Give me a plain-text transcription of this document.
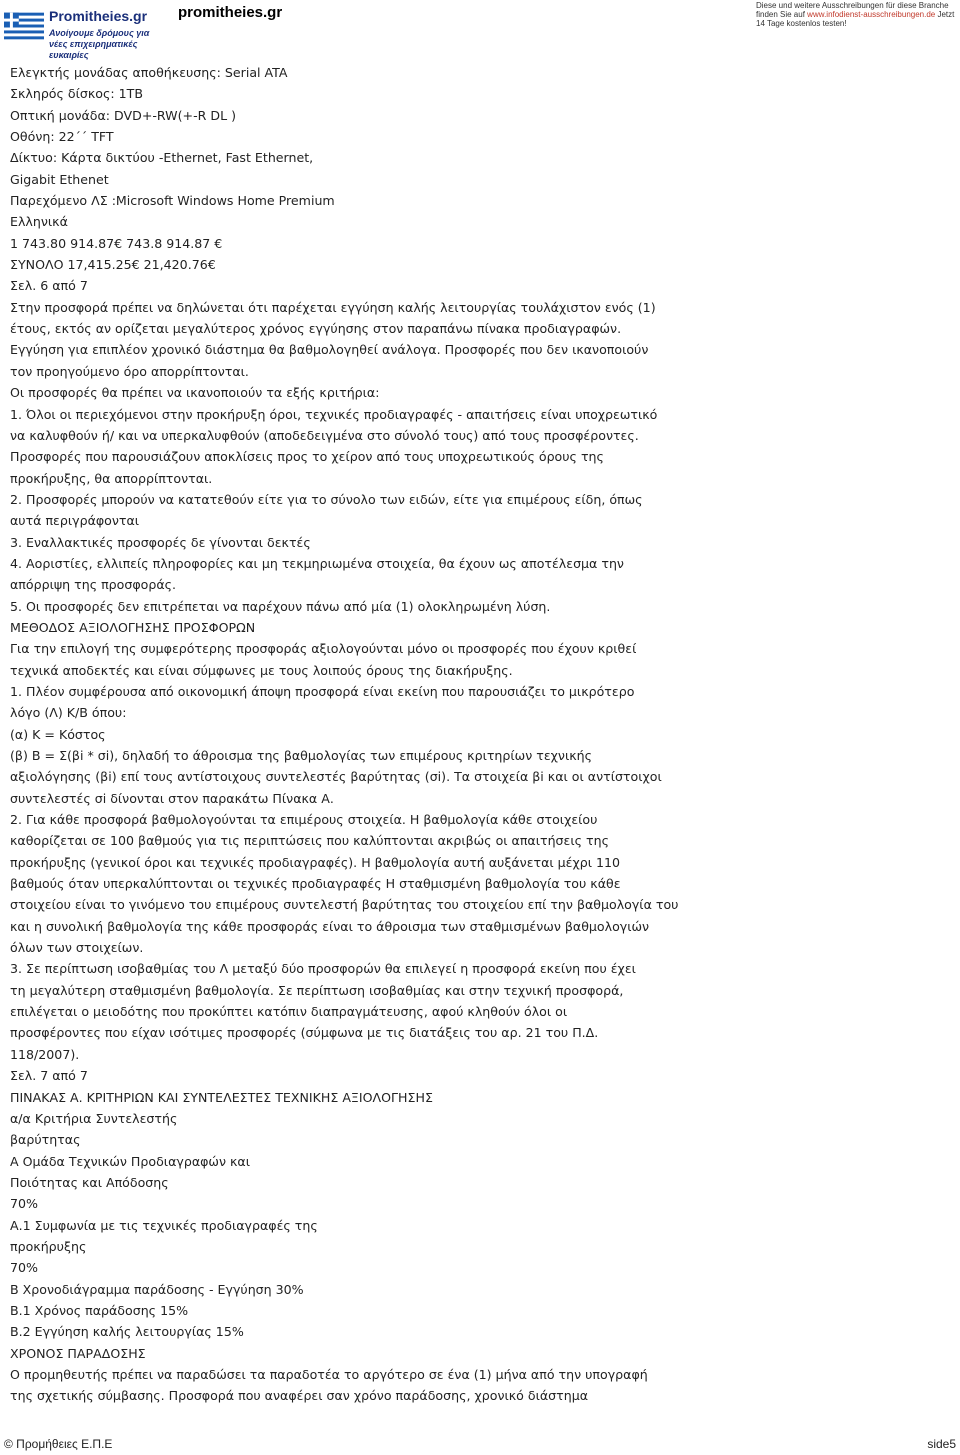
Promitheies.gr
Ανοίγουμε δρόμους για νέες επιχειρηματικές ευκαιρίες
promitheies.gr	Diese und weitere Ausschreibungen für diese Branche finden Sie auf www.infodienst-ausschreibungen.de Jetzt 14 Tage kostenlos testen!
Ελεγκτής μονάδας αποθήκευσης: Serial ATA
Σκληρός δίσκος: 1TB
Οπτική μονάδα: DVD+-RW(+-R DL )
Οθόνη: 22΄΄ TFT
Δίκτυο: Κάρτα δικτύου -Ethernet, Fast Ethernet,
Gigabit Ethenet
Παρεχόμενο ΛΣ :Microsoft Windows Home Premium
Ελληνικά
1 743.80 914.87€ 743.8 914.87 €
ΣΥΝΟΛΟ 17,415.25€ 21,420.76€
Σελ. 6 από 7
Στην προσφορά πρέπει να δηλώνεται ότι παρέχεται εγγύηση καλής λειτουργίας τουλάχιστον ενός (1)
έτους, εκτός αν ορίζεται μεγαλύτερος χρόνος εγγύησης στον παραπάνω πίνακα προδιαγραφών.
Εγγύηση για επιπλέον χρονικό διάστημα θα βαθμολογηθεί ανάλογα. Προσφορές που δεν ικανοποιούν
τον προηγούμενο όρο απορρίπτονται.
Οι προσφορές θα πρέπει να ικανοποιούν τα εξής κριτήρια:
1. Όλοι οι περιεχόμενοι στην προκήρυξη όροι, τεχνικές προδιαγραφές - απαιτήσεις είναι υποχρεωτικό
να καλυφθούν ή/ και να υπερκαλυφθούν (αποδεδειγμένα στο σύνολό τους) από τους προσφέροντες.
Προσφορές που παρουσιάζουν αποκλίσεις προς το χείρον από τους υποχρεωτικούς όρους της
προκήρυξης, θα απορρίπτονται.
2. Προσφορές μπορούν να κατατεθούν είτε για το σύνολο των ειδών, είτε για επιμέρους είδη, όπως
αυτά περιγράφονται
3. Εναλλακτικές προσφορές δε γίνονται δεκτές
4. Αοριστίες, ελλιπείς πληροφορίες και μη τεκμηριωμένα στοιχεία, θα έχουν ως αποτέλεσμα την
απόρριψη της προσφοράς.
5. Οι προσφορές δεν επιτρέπεται να παρέχουν πάνω από μία (1) ολοκληρωμένη λύση.
ΜΕΘΟΔΟΣ ΑΞΙΟΛΟΓΗΣΗΣ ΠΡΟΣΦΟΡΩΝ
Για την επιλογή της συμφερότερης προσφοράς αξιολογούνται μόνο οι προσφορές που έχουν κριθεί
τεχνικά αποδεκτές και είναι σύμφωνες με τους λοιπούς όρους της διακήρυξης.
1. Πλέον συμφέρουσα από οικονομική άποψη προσφορά είναι εκείνη που παρουσιάζει το μικρότερο
λόγο (Λ) Κ/Β όπου:
(α) Κ = Κόστος
(β) Β = Σ(βi * σi), δηλαδή το άθροισμα της βαθμολογίας των επιμέρους κριτηρίων τεχνικής
αξιολόγησης (βi) επί τους αντίστοιχους συντελεστές βαρύτητας (σi). Τα στοιχεία βi και οι αντίστοιχοι
συντελεστές σi δίνονται στον παρακάτω Πίνακα Α.
2. Για κάθε προσφορά βαθμολογούνται τα επιμέρους στοιχεία. Η βαθμολογία κάθε στοιχείου
καθορίζεται σε 100 βαθμούς για τις περιπτώσεις που καλύπτονται ακριβώς οι απαιτήσεις της
προκήρυξης (γενικοί όροι και τεχνικές προδιαγραφές). Η βαθμολογία αυτή αυξάνεται μέχρι 110
βαθμούς όταν υπερκαλύπτονται οι τεχνικές προδιαγραφές Η σταθμισμένη βαθμολογία του κάθε
στοιχείου είναι το γινόμενο του επιμέρους συντελεστή βαρύτητας του στοιχείου επί την βαθμολογία του
και η συνολική βαθμολογία της κάθε προσφοράς είναι το άθροισμα των σταθμισμένων βαθμολογιών
όλων των στοιχείων.
3. Σε περίπτωση ισοβαθμίας του Λ μεταξύ δύο προσφορών θα επιλεγεί η προσφορά εκείνη που έχει
τη μεγαλύτερη σταθμισμένη βαθμολογία. Σε περίπτωση ισοβαθμίας και στην τεχνική προσφορά,
επιλέγεται ο μειοδότης που προκύπτει κατόπιν διαπραγμάτευσης, αφού κληθούν όλοι οι
προσφέροντες που είχαν ισότιμες προσφορές (σύμφωνα με τις διατάξεις του αρ. 21 του Π.Δ.
118/2007).
Σελ. 7 από 7
ΠΙΝΑΚΑΣ Α. ΚΡΙΤΗΡΙΩΝ ΚΑΙ ΣΥΝΤΕΛΕΣΤΕΣ ΤΕΧΝΙΚΗΣ ΑΞΙΟΛΟΓΗΣΗΣ
α/α Κριτήρια Συντελεστής
βαρύτητας
Α Ομάδα Τεχνικών Προδιαγραφών και
Ποιότητας και Απόδοσης
70%
Α.1 Συμφωνία με τις τεχνικές προδιαγραφές της
προκήρυξης
70%
Β Χρονοδιάγραμμα παράδοσης - Εγγύηση 30%
Β.1 Χρόνος παράδοσης 15%
Β.2 Εγγύηση καλής λειτουργίας 15%
ΧΡΟΝΟΣ ΠΑΡΑΔΟΣΗΣ
Ο προμηθευτής πρέπει να παραδώσει τα παραδοτέα το αργότερο σε ένα (1) μήνα από την υπογραφή
της σχετικής σύμβασης. Προσφορά που αναφέρει σαν χρόνο παράδοσης, χρονικό διάστημα
© Προμήθειες Ε.Π.Ε	side5
